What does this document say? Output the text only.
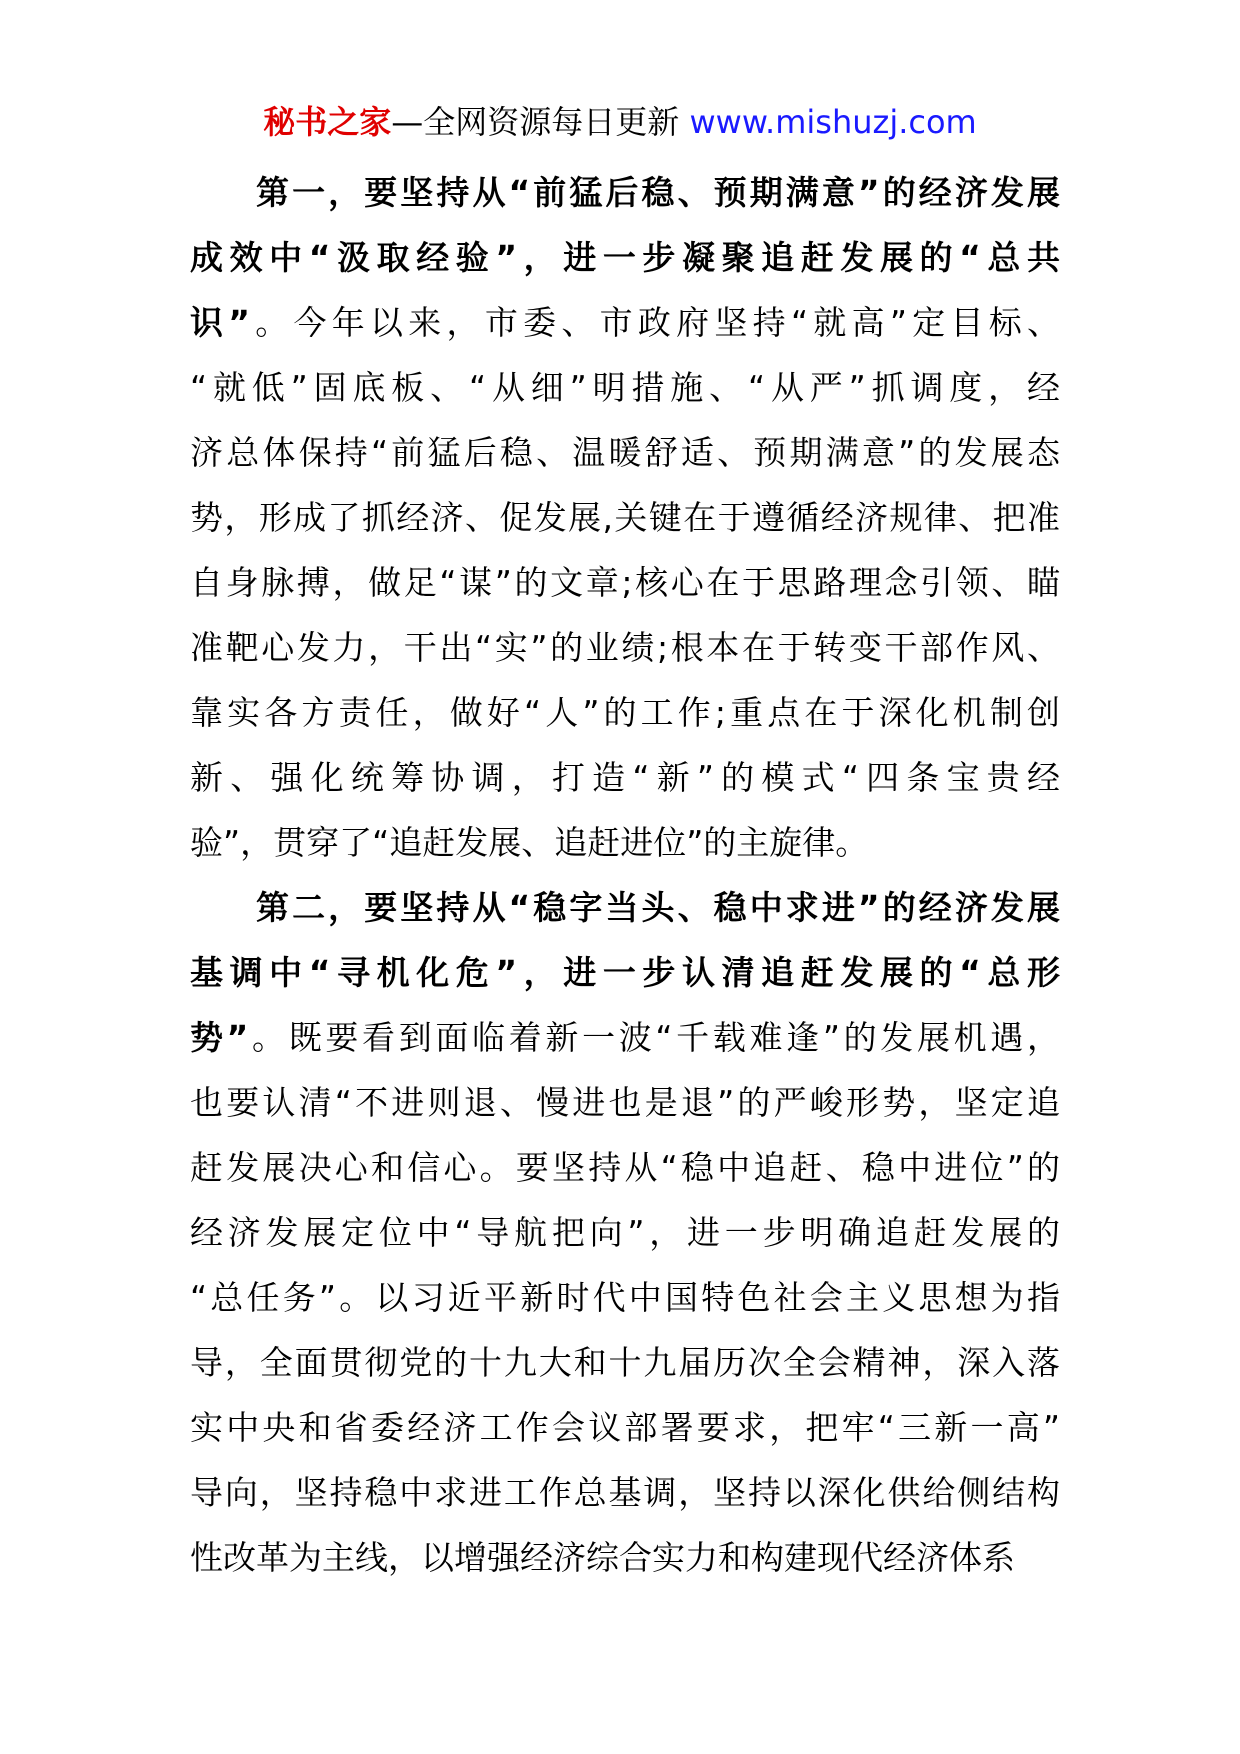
秘书之家—全网资源每日更新 www.mishuzj.com
第一，要坚持从“前猛后稳、预期满意”的经济发展
成效中“汲取经验”，进一步凝聚追赶发展的“总共
识”。今年以来，市委、市政府坚持“就高”定目标、
“就低”固底板、“从细”明措施、“从严”抓调度，经
济总体保持“前猛后稳、温暖舒适、预期满意”的发展态
势，形成了抓经济、促发展,关键在于遵循经济规律、把准
自身脉搏，做足“谋”的文章;核心在于思路理念引领、瞄
准靶心发力，干出“实”的业绩;根本在于转变干部作风、
靠实各方责任，做好“人”的工作;重点在于深化机制创
新、强化统筹协调，打造“新”的模式“四条宝贵经
验”，贯穿了“追赶发展、追赶进位”的主旋律。
第二，要坚持从“稳字当头、稳中求进”的经济发展
基调中“寻机化危”，进一步认清追赶发展的“总形
势”。既要看到面临着新一波“千载难逢”的发展机遇，
也要认清“不进则退、慢进也是退”的严峻形势，坚定追
赶发展决心和信心。要坚持从“稳中追赶、稳中进位”的
经济发展定位中“导航把向”，进一步明确追赶发展的
“总任务”。以习近平新时代中国特色社会主义思想为指
导，全面贯彻党的十九大和十九届历次全会精神，深入落
实中央和省委经济工作会议部署要求，把牢“三新一高”
导向，坚持稳中求进工作总基调，坚持以深化供给侧结构
性改革为主线，以增强经济综合实力和构建现代经济体系
